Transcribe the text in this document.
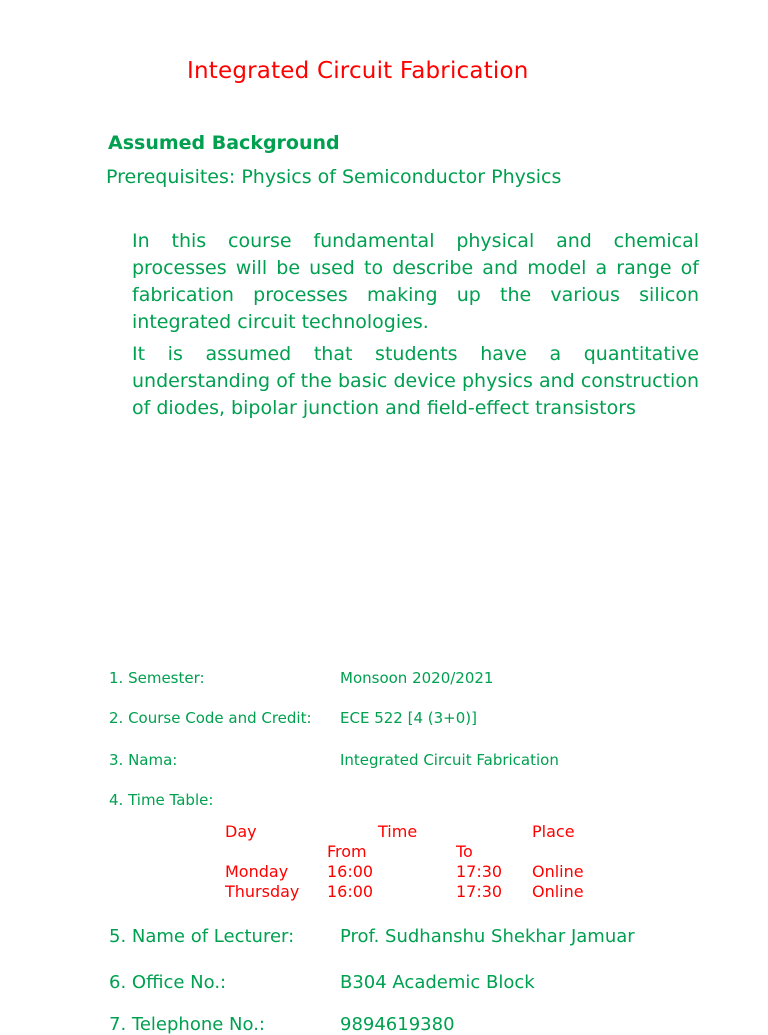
Integrated Circuit Fabrication
Assumed Background
Prerequisites: Physics of Semiconductor Physics
In this course fundamental physical and chemical processes will be used to describe and model a range of fabrication processes making up the various silicon integrated circuit technologies.
It is assumed that students have a quantitative understanding of the basic device physics and construction of diodes, bipolar junction and field-effect transistors
1. Semester:	Monsoon 2020/2021
2. Course Code and Credit: ECE 522 [4 (3+0)]
3. Nama:	Integrated Circuit Fabrication
4. Time Table:
Day	Time	Place
From	To
Monday 16:00	17:30 Online
Thursday 16:00	17:30 Online
5. Name of Lecturer:	Prof. Sudhanshu Shekhar Jamuar
6. Office No.:	B304 Academic Block
7. Telephone No.:	9894619380
